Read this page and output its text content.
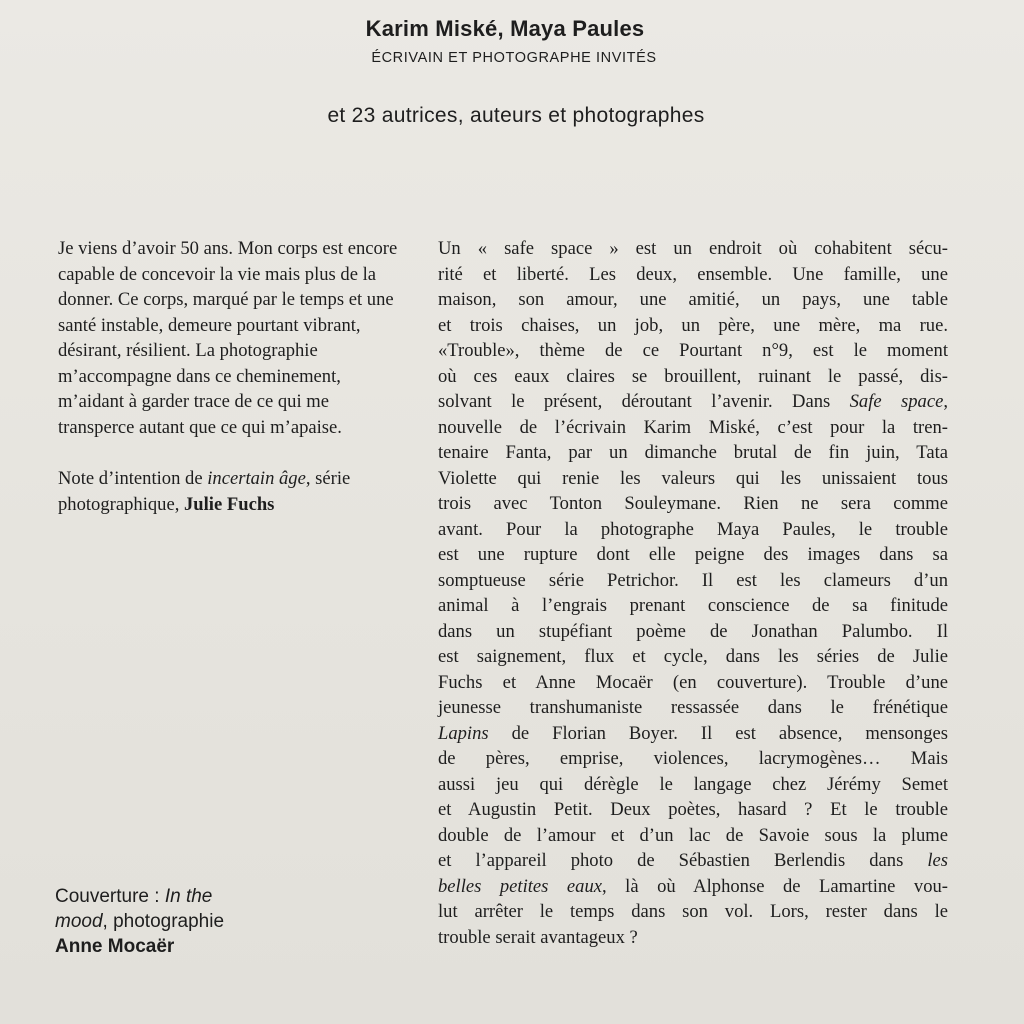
Karim Miské, Maya Paules
ÉCRIVAIN ET PHOTOGRAPHE INVITÉS
et 23 autrices, auteurs et photographes

Je viens d’avoir 50 ans. Mon corps est encore capable de concevoir la vie mais plus de la donner. Ce corps, marqué par le temps et une santé instable, demeure pourtant vibrant, désirant, résilient. La photographie m’accompagne dans ce cheminement, m’aidant à garder trace de ce qui me transperce autant que ce qui m’apaise.

Note d’intention de incertain âge, série photographique, Julie Fuchs

Un « safe space » est un endroit où cohabitent sécu-
rité et liberté. Les deux, ensemble. Une famille, une
maison, son amour, une amitié, un pays, une table
et trois chaises, un job, un père, une mère, ma rue.
«Trouble», thème de ce Pourtant n°9, est le moment
où ces eaux claires se brouillent, ruinant le passé, dis-
solvant le présent, déroutant l’avenir. Dans Safe space,
nouvelle de l’écrivain Karim Miské, c’est pour la tren-
tenaire Fanta, par un dimanche brutal de fin juin, Tata
Violette qui renie les valeurs qui les unissaient tous
trois avec Tonton Souleymane. Rien ne sera comme
avant. Pour la photographe Maya Paules, le trouble
est une rupture dont elle peigne des images dans sa
somptueuse série Petrichor. Il est les clameurs d’un
animal à l’engrais prenant conscience de sa finitude
dans un stupéfiant poème de Jonathan Palumbo. Il
est saignement, flux et cycle, dans les séries de Julie
Fuchs et Anne Mocaër (en couverture). Trouble d’une
jeunesse transhumaniste ressassée dans le frénétique
Lapins de Florian Boyer. Il est absence, mensonges
de pères, emprise, violences, lacrymogènes… Mais
aussi jeu qui dérègle le langage chez Jérémy Semet
et Augustin Petit. Deux poètes, hasard ? Et le trouble
double de l’amour et d’un lac de Savoie sous la plume
et l’appareil photo de Sébastien Berlendis dans les
belles petites eaux, là où Alphonse de Lamartine vou-
lut arrêter le temps dans son vol. Lors, rester dans le
trouble serait avantageux ?
Couverture : In the
mood, photographie
Anne Mocaër
